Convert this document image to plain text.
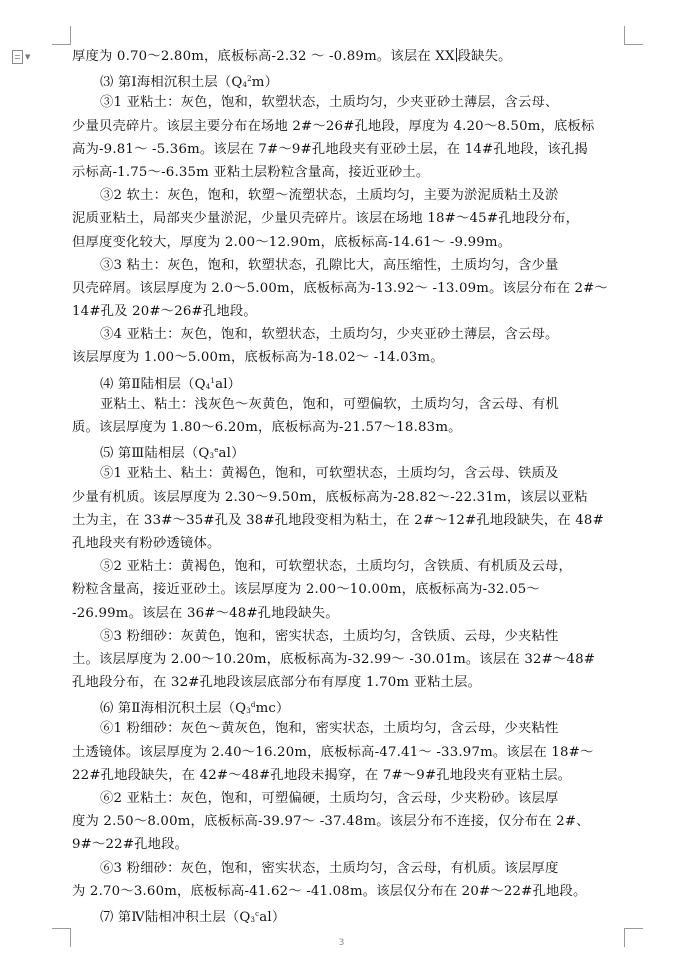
▼	厚度为 0.70～2.80m，底板标高-2.32 ～ -0.89m。该层在 XX 段缺失。
⑶ 第Ⅰ海相沉积土层$(Q4^2m)$
③1 亚粘土：灰色，饱和，软塑状态，土质均匀，少夹亚砂土薄层，含云母、
少量贝壳碎片。该层主要分布在场地 2#～26#孔地段，厚度为 4.20～8.50m，底板标
高为-9.81～ -5.36m。该层在 7#～9#孔地段夹有亚砂土层，在 14#孔地段，该孔揭
示标高-1.75～-6.35m 亚粘土层粉粒含量高，接近亚砂土。
③2 软土：灰色，饱和，软塑～流塑状态，土质均匀，主要为淤泥质粘土及淤
泥质亚粘土，局部夹少量淤泥，少量贝壳碎片。该层在场地 18#～45#孔地段分布，
但厚度变化较大，厚度为 2.00～12.90m，底板标高-14.61～ -9.99m。
③3 粘土：灰色，饱和，软塑状态，孔隙比大，高压缩性，土质均匀，含少量
贝壳碎屑。该层厚度为 2.0～5.00m，底板标高为-13.92～ -13.09m。该层分布在 2#～
14#孔及 20#～26#孔地段。
③4 亚粘土：灰色，饱和，软塑状态，土质均匀，少夹亚砂土薄层，含云母。
该层厚度为 1.00～5.00m，底板标高为-18.02～ -14.03m。
⑷ 第Ⅱ陆相层$(Q4^1al)$
亚粘土、粘土：浅灰色～灰黄色，饱和，可塑偏软，土质均匀，含云母、有机
质。该层厚度为 1.80～6.20m，底板标高为-21.57～18.83m。
⑸ 第Ⅲ陆相层（Q3eal）
⑤1 亚粘土、粘土：黄褐色，饱和，可软塑状态，土质均匀，含云母、铁质及
少量有机质。该层厚度为 2.30～9.50m，底板标高为-28.82～-22.31m，该层以亚粘
土为主，在 33#～35#孔及 38#孔地段变相为粘土，在 2#～12#孔地段缺失，在 48#
孔地段夹有粉砂透镜体。
⑤2 亚粘土：黄褐色，饱和，可软塑状态，土质均匀，含铁质、有机质及云母，
粉粒含量高，接近亚砂土。该层厚度为 2.00～10.00m，底板标高为-32.05～
-26.99m。该层在 36#～48#孔地段缺失。
⑤3 粉细砂：灰黄色，饱和，密实状态，土质均匀，含铁质、云母，少夹粘性
土。该层厚度为 2.00～10.20m，底板标高为-32.99～ -30.01m。该层在 32#～48#
孔地段分布，在 32#孔地段该层底部分布有厚度 1.70m 亚粘土层。
⑹ 第Ⅱ海相沉积土层（Q3$^d$mc）
⑥1 粉细砂：灰色～黄灰色，饱和，密实状态，土质均匀，含云母，少夹粘性
土透镜体。该层厚度为 2.40～16.20m，底板标高-47.41～ -33.97m。该层在 18#～
22#孔地段缺失，在 42#～48#孔地段未揭穿，在 7#～9#孔地段夹有亚粘土层。
⑥2 亚粘土：灰色，饱和，可塑偏硬，土质均匀，含云母，少夹粉砂。该层厚
度为 2.50～8.00m，底板标高-39.97～ -37.48m。该层分布不连接，仅分布在 2#、
9#～22#孔地段。
⑥3 粉细砂：灰色，饱和，密实状态，土质均匀，含云母，有机质。该层厚度
为 2.70～3.60m，底板标高-41.62～ -41.08m。该层仅分布在 20#～22#孔地段。
⑺ 第Ⅳ陆相冲积土层（Q3$^c$al）
3
